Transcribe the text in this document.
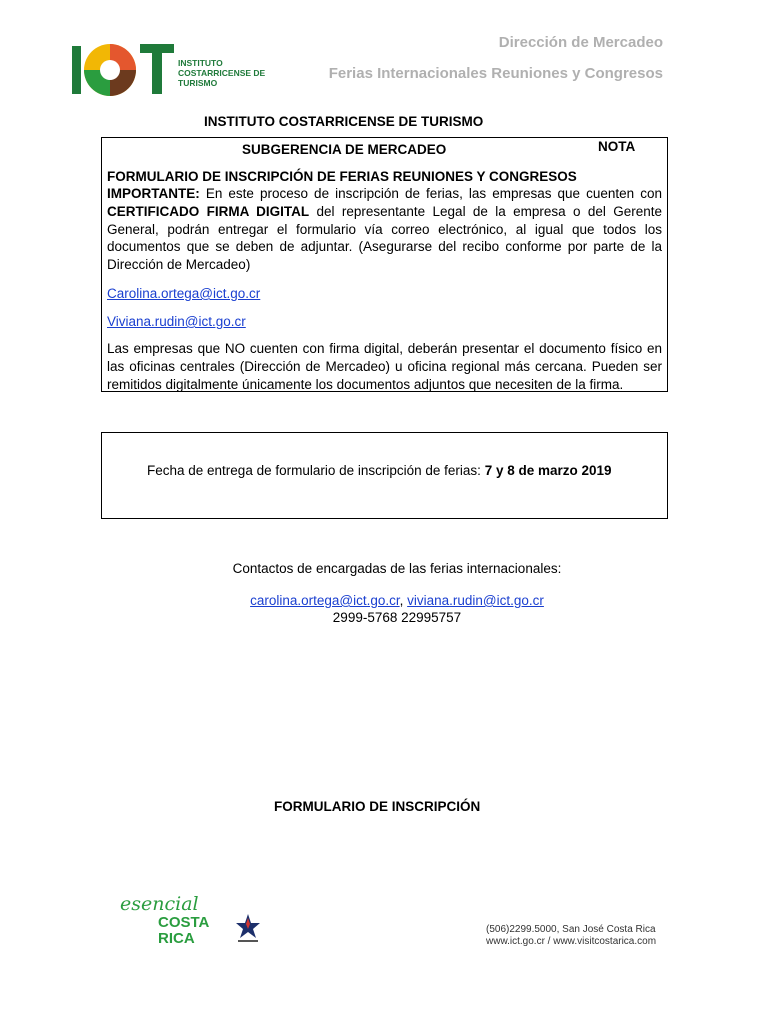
INSTITUTO
COSTARRICENSE DE
TURISMO
Dirección de Mercadeo
Ferias Internacionales Reuniones y Congresos
INSTITUTO COSTARRICENSE DE TURISMO
SUBGERENCIA DE MERCADEO	NOTA
FORMULARIO DE INSCRIPCIÓN DE FERIAS REUNIONES Y CONGRESOS
IMPORTANTE: En este proceso de inscripción de ferias, las empresas que cuenten con CERTIFICADO FIRMA DIGITAL del representante Legal de la empresa o del Gerente General, podrán entregar el formulario vía correo electrónico, al igual que todos los documentos que se deben de adjuntar. (Asegurarse del recibo conforme por parte de la Dirección de Mercadeo)
Carolina.ortega@ict.go.cr
Viviana.rudin@ict.go.cr
Las empresas que NO cuenten con firma digital, deberán presentar el documento físico en las oficinas centrales (Dirección de Mercadeo) u oficina regional más cercana. Pueden ser remitidos digitalmente únicamente los documentos adjuntos que necesiten de la firma.
Fecha de entrega de formulario de inscripción de ferias: 7 y 8 de marzo 2019
Contactos de encargadas de las ferias internacionales:
carolina.ortega@ict.go.cr, viviana.rudin@ict.go.cr
2999-5768 22995757
FORMULARIO DE INSCRIPCIÓN
esencial
COSTA
RICA
(506)2299.5000, San José Costa Rica
www.ict.go.cr / www.visitcostarica.com
